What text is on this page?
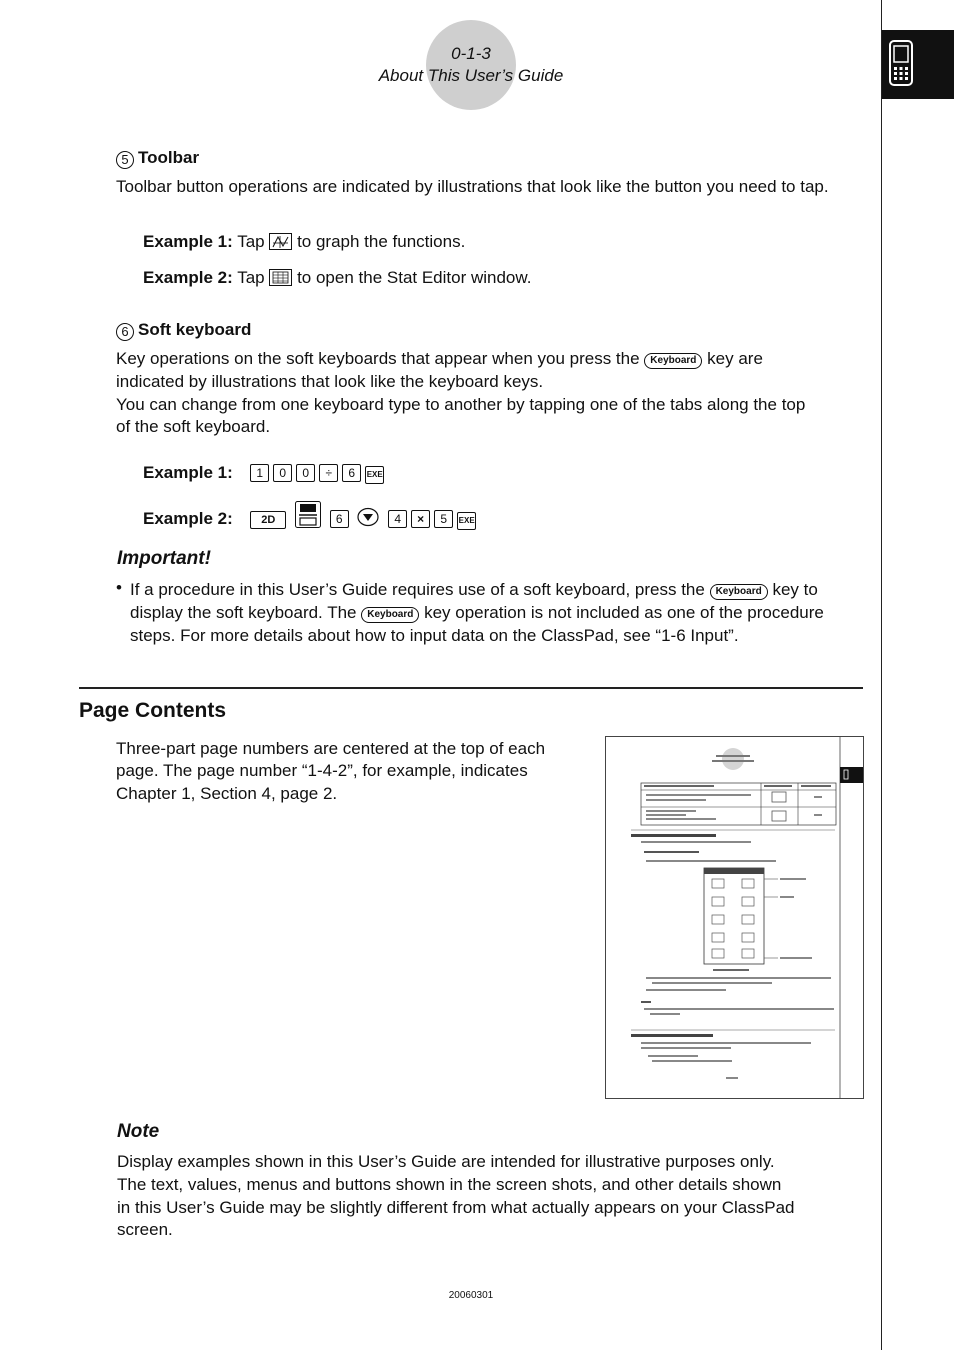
0-1-3
About This User’s Guide
5 Toolbar
Toolbar button operations are indicated by illustrations that look like the button you need to tap.
Example 1: Tap to graph the functions.
Example 2: Tap to open the Stat Editor window.
6 Soft keyboard
Key operations on the soft keyboards that appear when you press the Keyboard key are
indicated by illustrations that look like the keyboard keys.
You can change from one keyboard type to another by tapping one of the tabs along the top
of the soft keyboard.
Example 1: 1 0 0 ÷ 6 EXE
Example 2:	2D	6	4 × 5 EXE
Important!
• If a procedure in this User’s Guide requires use of a soft keyboard, press the Keyboard key to
display the soft keyboard. The Keyboard key operation is not included as one of the procedure
steps. For more details about how to input data on the ClassPad, see “1-6 Input”.
Page Contents
Three-part page numbers are centered at the top of each
page. The page number “1-4-2”, for example, indicates
Chapter 1, Section 4, page 2.
Note
Display examples shown in this User’s Guide are intended for illustrative purposes only.
The text, values, menus and buttons shown in the screen shots, and other details shown
in this User’s Guide may be slightly different from what actually appears on your ClassPad
screen.
20060301
